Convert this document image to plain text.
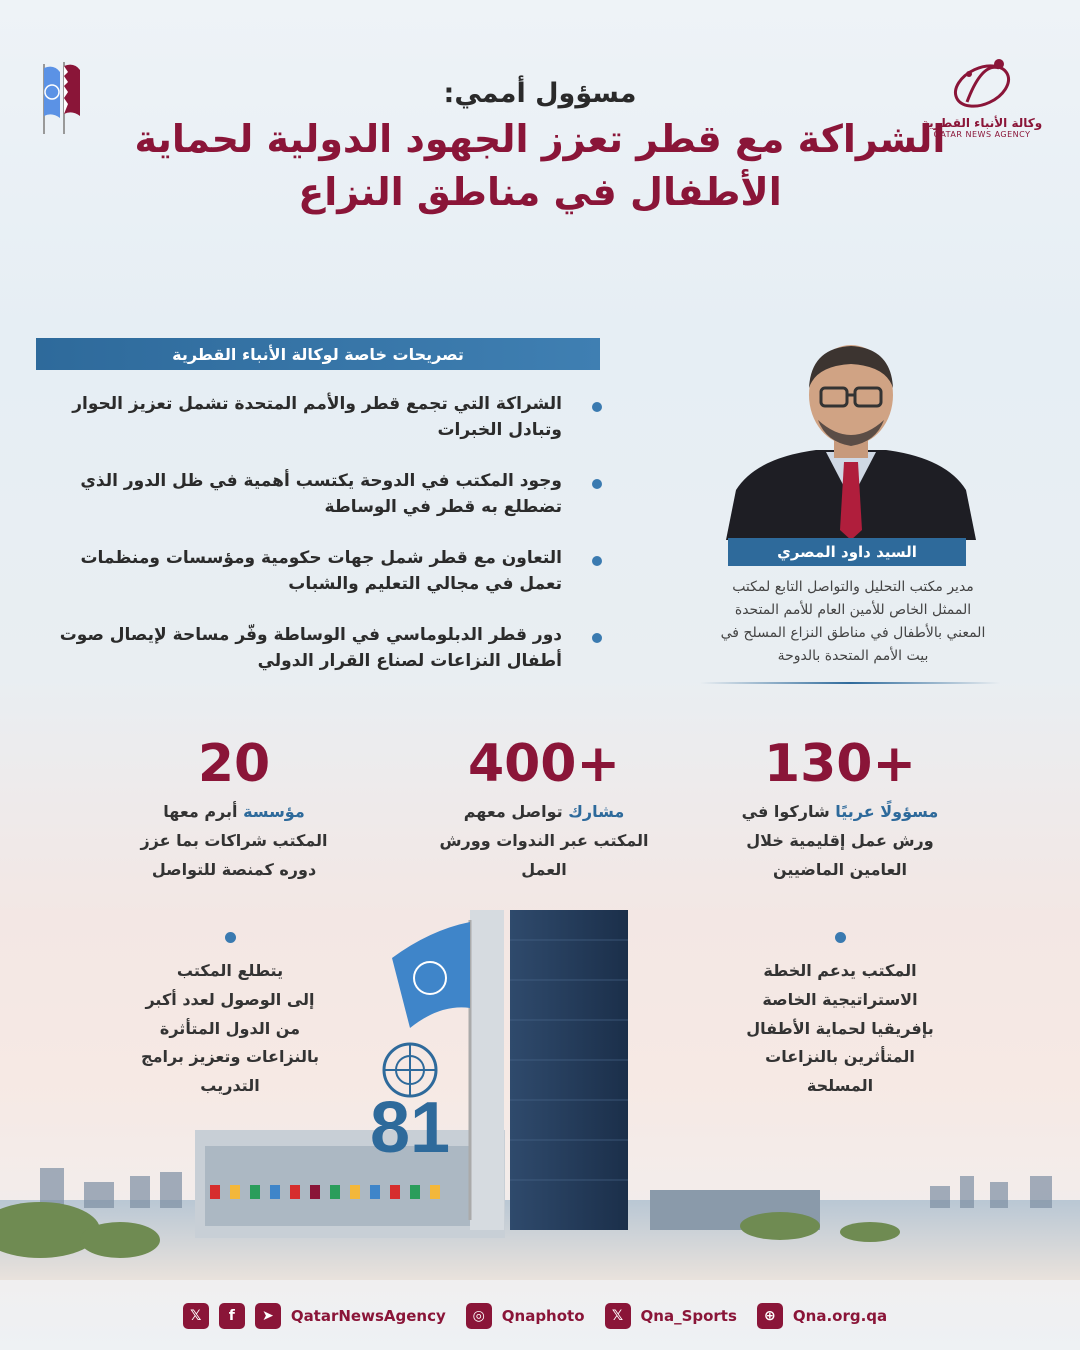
وكالة الأنباء القطرية
QATAR NEWS AGENCY
مسؤول أممي:
الشراكة مع قطر تعزز الجهود الدولية لحماية
الأطفال في مناطق النزاع
تصريحات خاصة لوكالة الأنباء القطرية
الشراكة التي تجمع قطر والأمم المتحدة تشمل تعزيز الحوار وتبادل الخبرات
وجود المكتب في الدوحة يكتسب أهمية في ظل الدور الذي تضطلع به قطر في الوساطة
التعاون مع قطر شمل جهات حكومية ومؤسسات ومنظمات تعمل في مجالي التعليم والشباب
دور قطر الدبلوماسي في الوساطة وفّر مساحة لإيصال صوت أطفال النزاعات لصناع القرار الدولي
السيد داود المصري
مدير مكتب التحليل والتواصل التابع لمكتب
الممثل الخاص للأمين العام للأمم المتحدة
المعني بالأطفال في مناطق النزاع المسلح في
بيت الأمم المتحدة بالدوحة
130+
مسؤولًا عربيًا شاركوا في
ورش عمل إقليمية خلال
العامين الماضيين
400+
مشارك تواصل معهم
المكتب عبر الندوات وورش
العمل
20
مؤسسة أبرم معها
المكتب شراكات بما عزز
دوره كمنصة للتواصل
81
المكتب يدعم الخطة
الاستراتيجية الخاصة
بإفريقيا لحماية الأطفال
المتأثرين بالنزاعات
المسلحة
يتطلع المكتب
إلى الوصول لعدد أكبر
من الدول المتأثرة
بالنزاعات وتعزيز برامج
التدريب
𝕏	f	➤	QatarNewsAgency	◎	Qnaphoto	𝕏	Qna_Sports	⊕	Qna.org.qa
